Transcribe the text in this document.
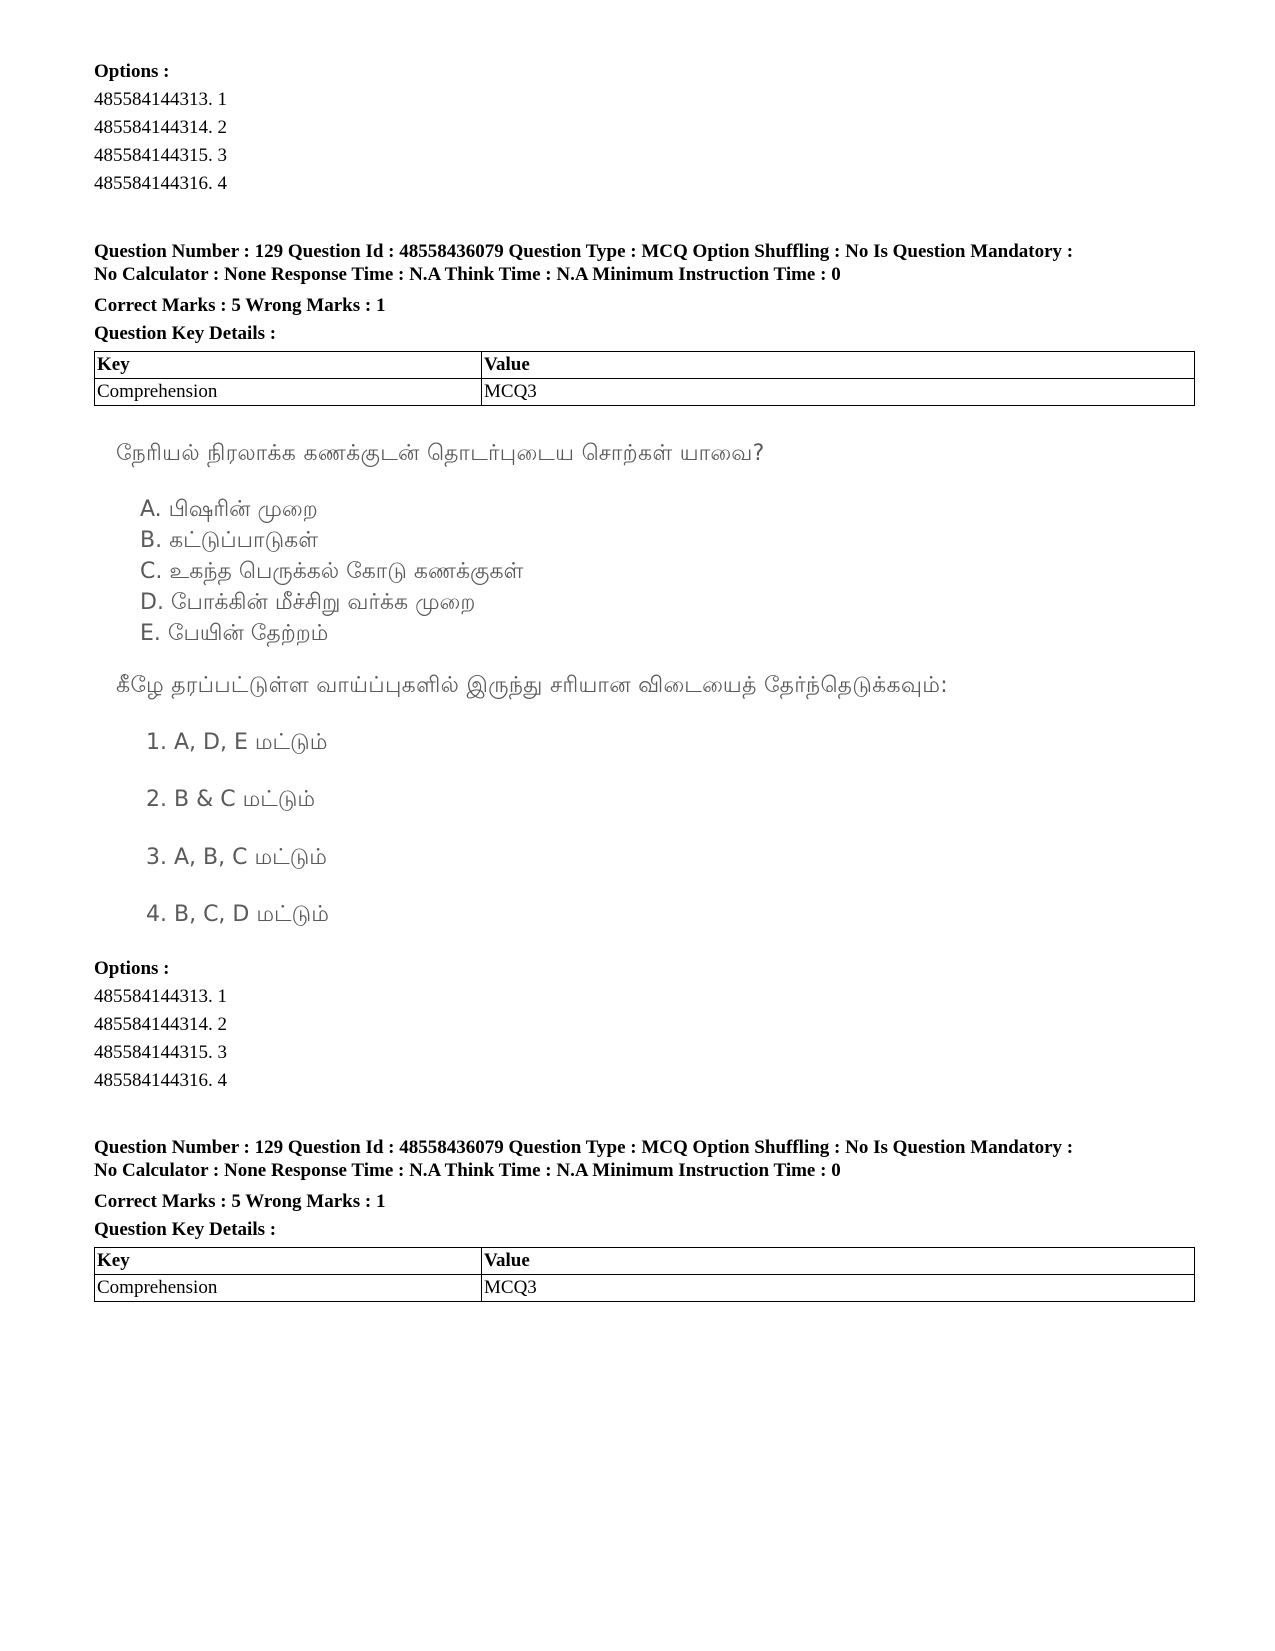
Options :
485584144313. 1
485584144314. 2
485584144315. 3
485584144316. 4
Question Number : 129 Question Id : 48558436079 Question Type : MCQ Option Shuffling : No Is Question Mandatory :
No Calculator : None Response Time : N.A Think Time : N.A Minimum Instruction Time : 0
Correct Marks : 5 Wrong Marks : 1
Question Key Details :
Key	Value
Comprehension	MCQ3
நேரியல் நிரலாக்க கணக்குடன் தொடர்புடைய சொற்கள் யாவை?
A. பிஷரின் முறை
B. கட்டுப்பாடுகள்
C. உகந்த பெருக்கல் கோடு கணக்குகள்
D. போக்கின் மீச்சிறு வர்க்க முறை
E. பேயின் தேற்றம்
கீழே தரப்பட்டுள்ள வாய்ப்புகளில் இருந்து சரியான விடையைத் தேர்ந்தெடுக்கவும்:
1. A, D, E மட்டும்
2. B & C மட்டும்
3. A, B, C மட்டும்
4. B, C, D மட்டும்
Options :
485584144313. 1
485584144314. 2
485584144315. 3
485584144316. 4
Question Number : 129 Question Id : 48558436079 Question Type : MCQ Option Shuffling : No Is Question Mandatory :
No Calculator : None Response Time : N.A Think Time : N.A Minimum Instruction Time : 0
Correct Marks : 5 Wrong Marks : 1
Question Key Details :
Key	Value
Comprehension	MCQ3
